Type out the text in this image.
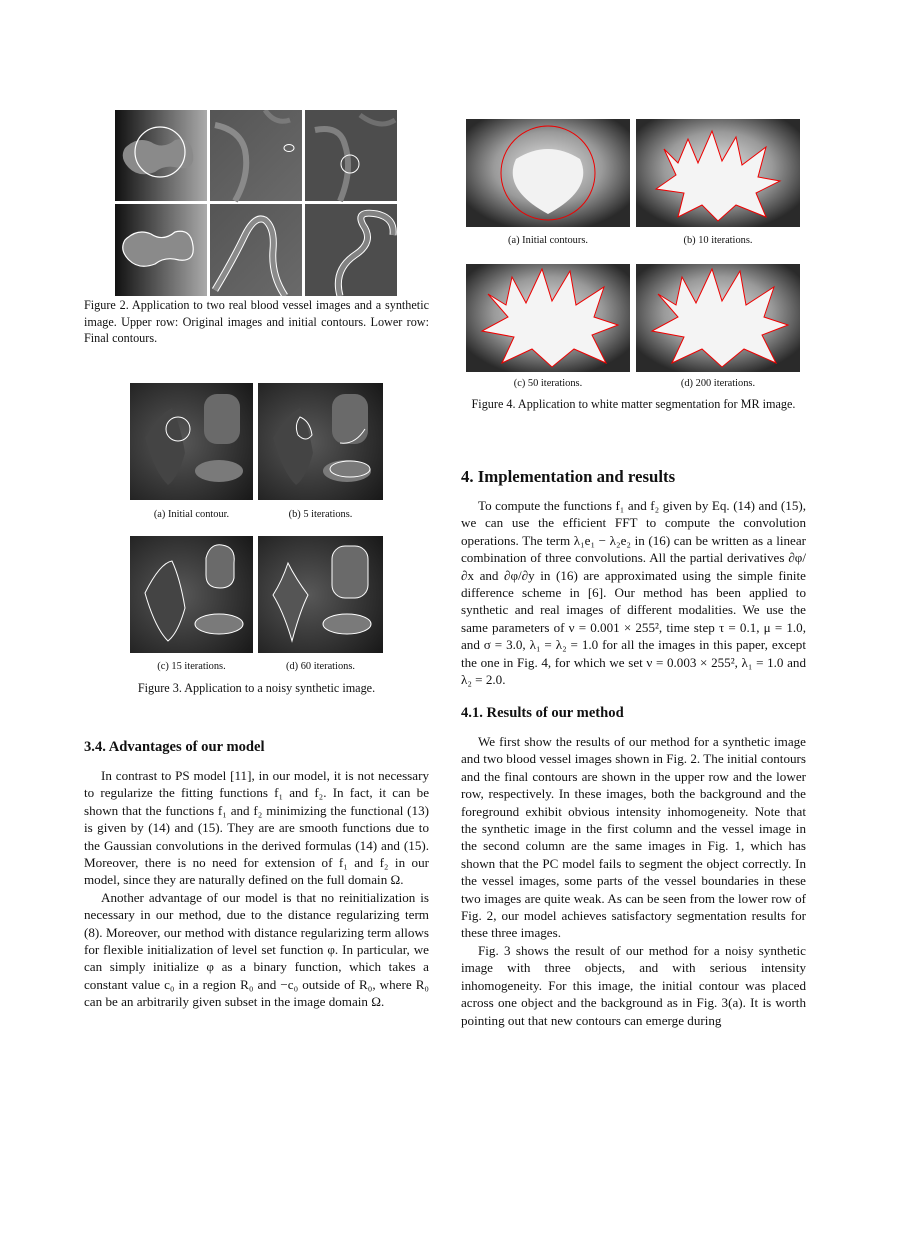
Figure 2. Application to two real blood vessel images and a synthetic image. Upper row: Original images and initial contours. Lower row: Final contours.
(a) Initial contour.	(b) 5 iterations.
(c) 15 iterations.	(d) 60 iterations.
Figure 3. Application to a noisy synthetic image.
3.4. Advantages of our model

In contrast to PS model [11], in our model, it is not necessary to regularize the fitting functions f₁ and f₂. In fact, it can be shown that the functions f₁ and f₂ minimizing the functional (13) is given by (14) and (15). They are are smooth functions due to the Gaussian convolutions in the derived formulas (14) and (15). Moreover, there is no need for extension of f₁ and f₂ in our model, since they are naturally defined on the full domain Ω.

Another advantage of our model is that no reinitialization is necessary in our method, due to the distance regularizing term (8). Moreover, our method with distance regularizing term allows for flexible initialization of level set function φ. In particular, we can simply initialize φ as a binary function, which takes a constant value c₀ in a region R₀ and −c₀ outside of R₀, where R₀ can be an arbitrarily given subset in the image domain Ω.

(a) Initial contours.	(b) 10 iterations.
(c) 50 iterations.	(d) 200 iterations.
Figure 4. Application to white matter segmentation for MR image.
4. Implementation and results

To compute the functions f₁ and f₂ given by Eq. (14) and (15), we can use the efficient FFT to compute the convolution operations. The term λ₁e₁ − λ₂e₂ in (16) can be written as a linear combination of three convolutions. All the partial derivatives ∂φ/∂x and ∂φ/∂y in (16) are approximated using the simple finite difference scheme in [6]. Our method has been applied to synthetic and real images of different modalities. We use the same parameters of ν = 0.001 × 255², time step τ = 0.1, μ = 1.0, and σ = 3.0, λ₁ = λ₂ = 1.0 for all the images in this paper, except the one in Fig. 4, for which we set ν = 0.003 × 255², λ₁ = 1.0 and λ₂ = 2.0.

4.1. Results of our method

We first show the results of our method for a synthetic image and two blood vessel images shown in Fig. 2. The initial contours and the final contours are shown in the upper row and the lower row, respectively. In these images, both the background and the foreground exhibit obvious intensity inhomogeneity. Note that the synthetic image in the first column and the vessel image in the second column are the same images in Fig. 1, which has shown that the PC model fails to segment the object correctly. In the vessel images, some parts of the vessel boundaries in these two images are quite weak. As can be seen from the lower row of Fig. 2, our model achieves satisfactory segmentation results for these three images.

Fig. 3 shows the result of our method for a noisy synthetic image with three objects, and with serious intensity inhomogeneity. For this image, the initial contour was placed across one object and the background as in Fig. 3(a). It is worth pointing out that new contours can emerge during
